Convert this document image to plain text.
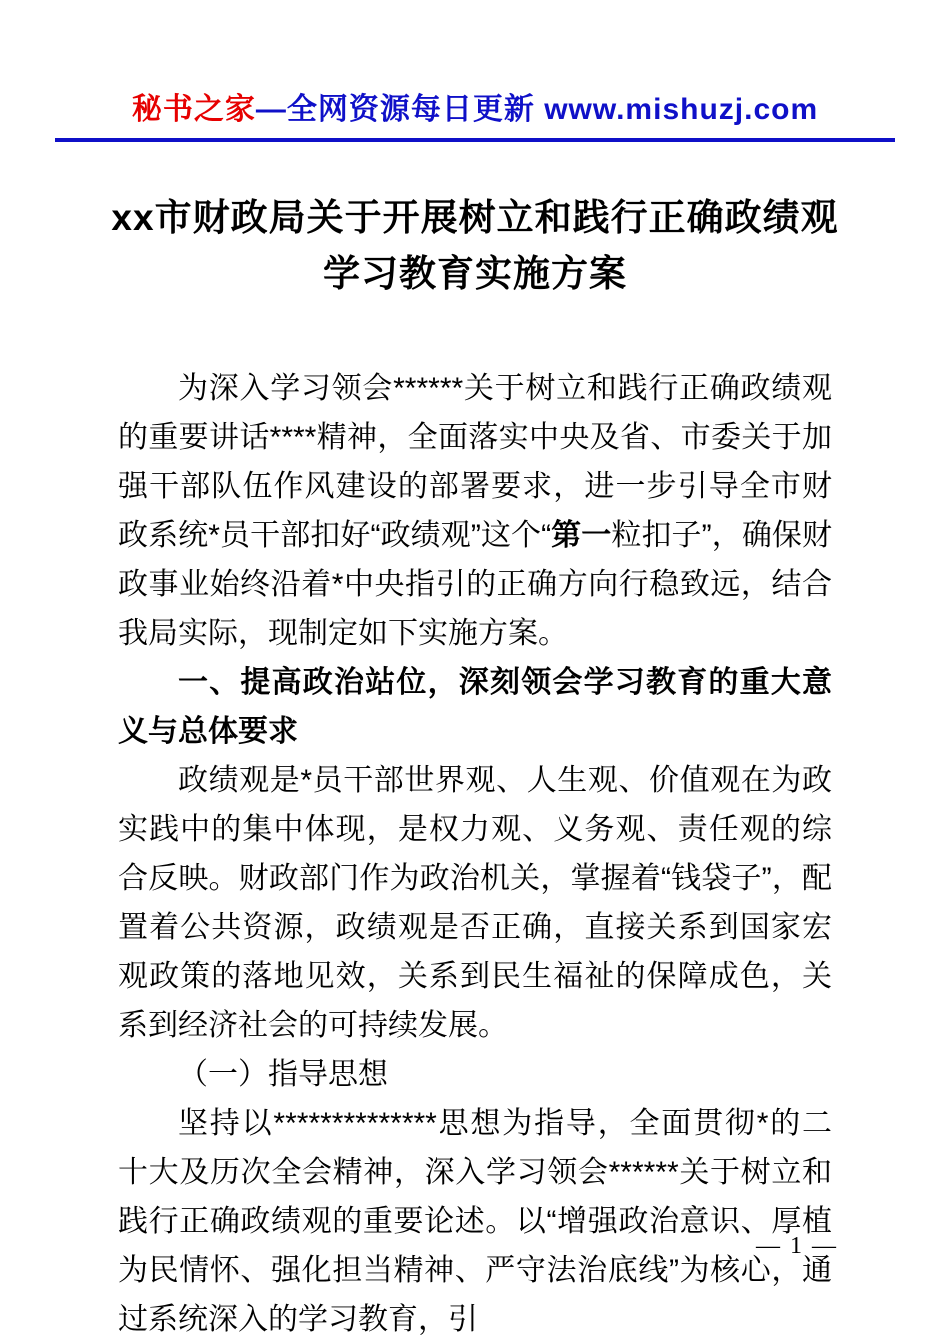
秘书之家—全网资源每日更新 www.mishuzj.com
xx市财政局关于开展树立和践行正确政绩观
学习教育实施方案

为深入学习领会******关于树立和践行正确政绩观的重要讲话****精神，全面落实中央及省、市委关于加强干部队伍作风建设的部署要求，进一步引导全市财政系统*员干部扣好“政绩观”这个“第一粒扣子”，确保财政事业始终沿着*中央指引的正确方向行稳致远，结合我局实际，现制定如下实施方案。

一、提高政治站位，深刻领会学习教育的重大意义与总体要求

政绩观是*员干部世界观、人生观、价值观在为政实践中的集中体现，是权力观、义务观、责任观的综合反映。财政部门作为政治机关，掌握着“钱袋子”，配置着公共资源，政绩观是否正确，直接关系到国家宏观政策的落地见效，关系到民生福祉的保障成色，关系到经济社会的可持续发展。

（一）指导思想

坚持以**************思想为指导，全面贯彻*的二十大及历次全会精神，深入学习领会******关于树立和践行正确政绩观的重要论述。以“增强政治意识、厚植为民情怀、强化担当精神、严守法治底线”为核心，通过系统深入的学习教育，引

— 1 —
